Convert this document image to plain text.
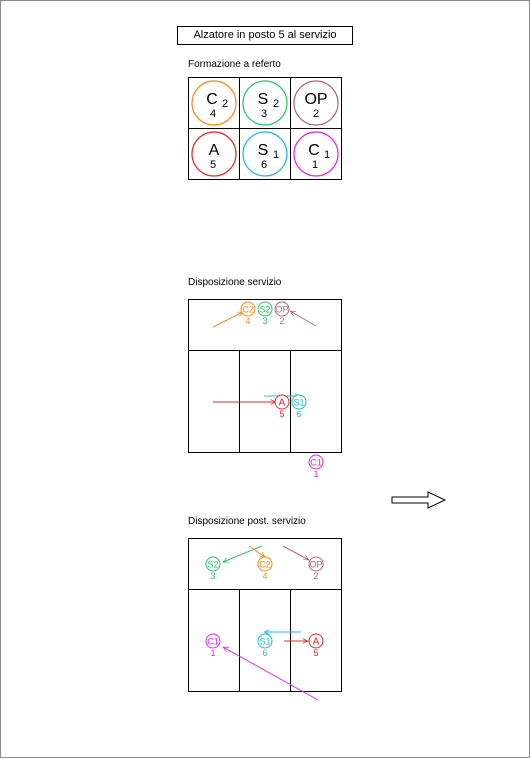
Alzatore in posto 5 al servizio
Formazione a referto
Disposizione servizio
Disposizione post. servizio
C 2
4
S 2
3
OP
2
A
5
S 1
6
C 1
1
C2
4
S2
3
OP
2
A
5
S1
6
C1
1
S2
3
C2
4
OP
2
C1
1
S1
6
A
5
